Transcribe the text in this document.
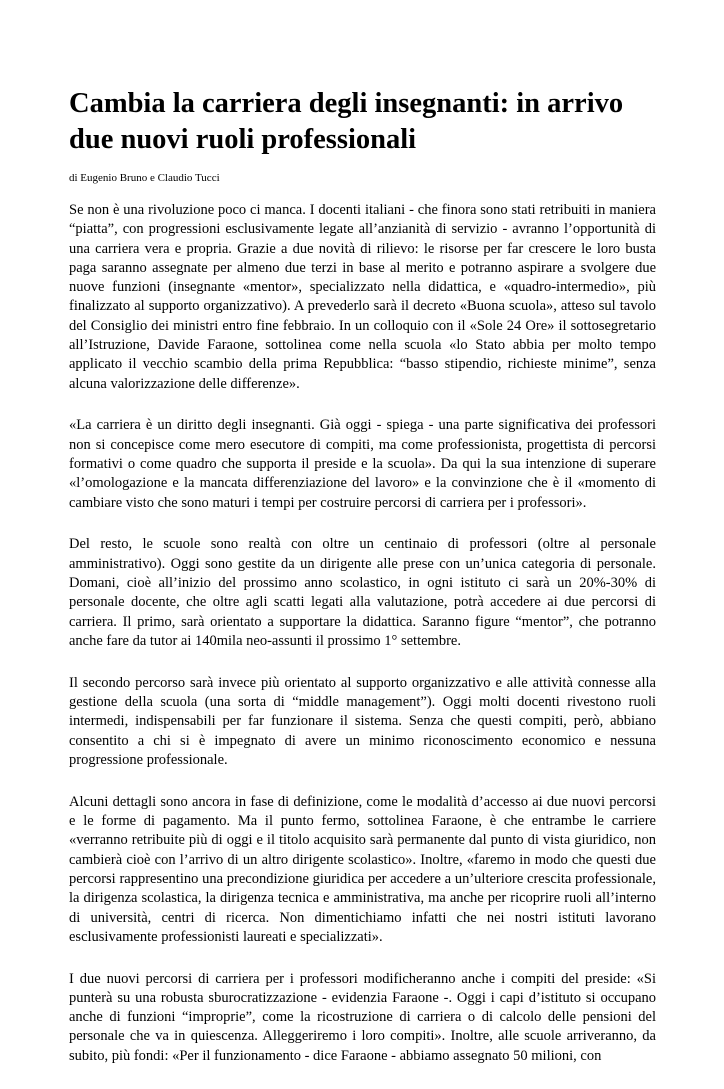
Cambia la carriera degli insegnanti: in arrivo due nuovi ruoli professionali

di Eugenio Bruno e Claudio Tucci

Se non è una rivoluzione poco ci manca. I docenti italiani - che finora sono stati retribuiti in maniera “piatta”, con progressioni esclusivamente legate all’anzianità di servizio - avranno l’opportunità di una carriera vera e propria. Grazie a due novità di rilievo: le risorse per far crescere le loro busta paga saranno assegnate per almeno due terzi in base al merito e potranno aspirare a svolgere due nuove funzioni (insegnante «mentor», specializzato nella didattica, e «quadro-intermedio», più finalizzato al supporto organizzativo). A prevederlo sarà il decreto «Buona scuola», atteso sul tavolo del Consiglio dei ministri entro fine febbraio. In un colloquio con il «Sole 24 Ore» il sottosegretario all’Istruzione, Davide Faraone, sottolinea come nella scuola «lo Stato abbia per molto tempo applicato il vecchio scambio della prima Repubblica: “basso stipendio, richieste minime”, senza alcuna valorizzazione delle differenze».

«La carriera è un diritto degli insegnanti. Già oggi - spiega - una parte significativa dei professori non si concepisce come mero esecutore di compiti, ma come professionista, progettista di percorsi formativi o come quadro che supporta il preside e la scuola». Da qui la sua intenzione di superare «l’omologazione e la mancata differenziazione del lavoro» e la convinzione che è il «momento di cambiare visto che sono maturi i tempi per costruire percorsi di carriera per i professori».

Del resto, le scuole sono realtà con oltre un centinaio di professori (oltre al personale amministrativo). Oggi sono gestite da un dirigente alle prese con un’unica categoria di personale. Domani, cioè all’inizio del prossimo anno scolastico, in ogni istituto ci sarà un 20%-30% di personale docente, che oltre agli scatti legati alla valutazione, potrà accedere ai due percorsi di carriera. Il primo, sarà orientato a supportare la didattica. Saranno figure “mentor”, che potranno anche fare da tutor ai 140mila neo-assunti il prossimo 1° settembre.

Il secondo percorso sarà invece più orientato al supporto organizzativo e alle attività connesse alla gestione della scuola (una sorta di “middle management”). Oggi molti docenti rivestono ruoli intermedi, indispensabili per far funzionare il sistema. Senza che questi compiti, però, abbiano consentito a chi si è impegnato di avere un minimo riconoscimento economico e nessuna progressione professionale.

Alcuni dettagli sono ancora in fase di definizione, come le modalità d’accesso ai due nuovi percorsi e le forme di pagamento. Ma il punto fermo, sottolinea Faraone, è che entrambe le carriere «verranno retribuite più di oggi e il titolo acquisito sarà permanente dal punto di vista giuridico, non cambierà cioè con l’arrivo di un altro dirigente scolastico». Inoltre, «faremo in modo che questi due percorsi rappresentino una precondizione giuridica per accedere a un’ulteriore crescita professionale, la dirigenza scolastica, la dirigenza tecnica e amministrativa, ma anche per ricoprire ruoli all’interno di università, centri di ricerca. Non dimentichiamo infatti che nei nostri istituti lavorano esclusivamente professionisti laureati e specializzati».

I due nuovi percorsi di carriera per i professori modificheranno anche i compiti del preside: «Si punterà su una robusta sburocratizzazione - evidenzia Faraone -. Oggi i capi d’istituto si occupano anche di funzioni “improprie”, come la ricostruzione di carriera o di calcolo delle pensioni del personale che va in quiescenza. Alleggeriremo i loro compiti». Inoltre, alle scuole arriveranno, da subito, più fondi: «Per il funzionamento - dice Faraone - abbiamo assegnato 50 milioni, con
